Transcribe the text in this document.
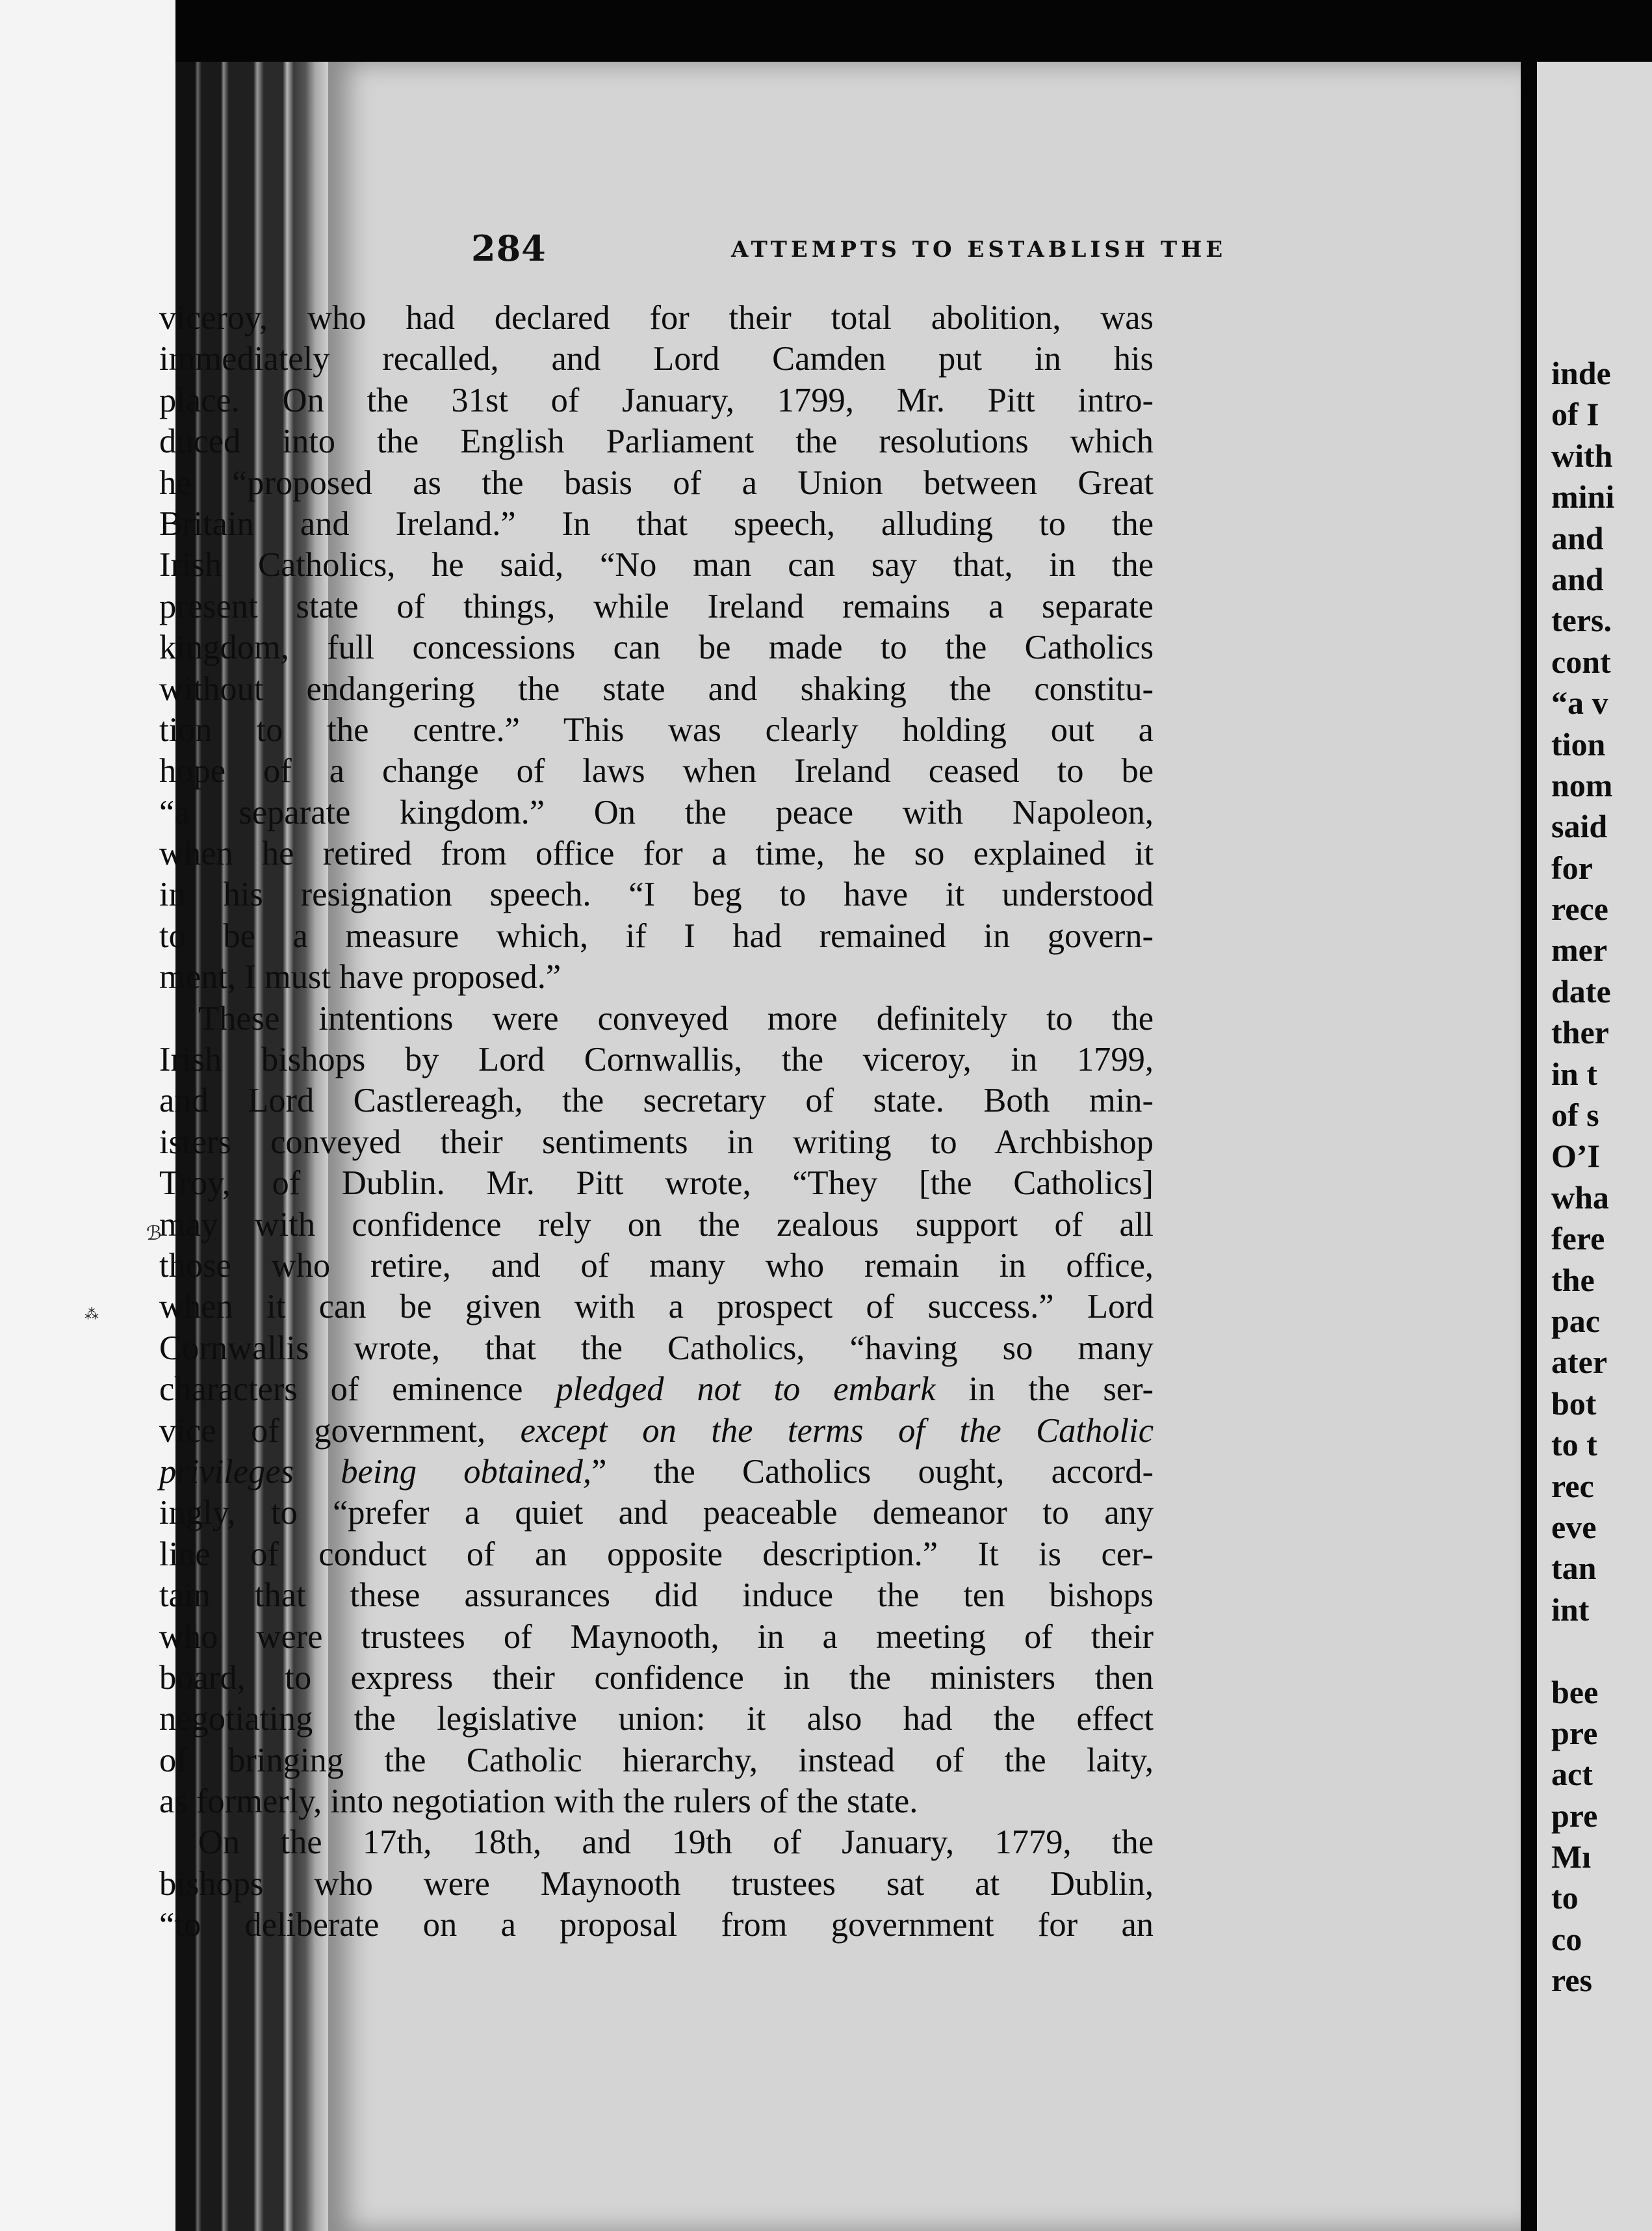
ℬ
⁂
284	ATTEMPTS TO ESTABLISH THE
viceroy, who had declared for their total abolition, was
immediately recalled, and Lord Camden put in his
place. On the 31st of January, 1799, Mr. Pitt intro-
duced into the English Parliament the resolutions which
he “proposed as the basis of a Union between Great
Britain and Ireland.” In that speech, alluding to the
Irish Catholics, he said, “No man can say that, in the
present state of things, while Ireland remains a separate
kingdom, full concessions can be made to the Catholics
without endangering the state and shaking the constitu-
tion to the centre.” This was clearly holding out a
hope of a change of laws when Ireland ceased to be
“a separate kingdom.” On the peace with Napoleon,
when he retired from office for a time, he so explained it
in his resignation speech. “I beg to have it understood
to be a measure which, if I had remained in govern-
ment, I must have proposed.”
These intentions were conveyed more definitely to the
Irish bishops by Lord Cornwallis, the viceroy, in 1799,
and Lord Castlereagh, the secretary of state. Both min-
isters conveyed their sentiments in writing to Archbishop
Troy, of Dublin. Mr. Pitt wrote, “They [the Catholics]
may with confidence rely on the zealous support of all
those who retire, and of many who remain in office,
when it can be given with a prospect of success.” Lord
Cornwallis wrote, that the Catholics, “having so many
characters of eminence pledged not to embark in the ser-
vice of government, except on the terms of the Catholic
privileges being obtained,” the Catholics ought, accord-
ingly, to “prefer a quiet and peaceable demeanor to any
line of conduct of an opposite description.” It is cer-
tain that these assurances did induce the ten bishops
who were trustees of Maynooth, in a meeting of their
board, to express their confidence in the ministers then
negotiating the legislative union: it also had the effect
of bringing the Catholic hierarchy, instead of the laity,
as formerly, into negotiation with the rulers of the state.
On the 17th, 18th, and 19th of January, 1779, the
bishops who were Maynooth trustees sat at Dublin,
“to deliberate on a proposal from government for an
inde
of I
with
mini
and
and
ters.
cont
“a v
tion
nom
said
for
rece
mer
date
ther
in t
of s
O’I
wha
fere
the
pac
ater
bot
to t
rec
eve
tan
int
bee
pre
act
pre
Mı
to
co
res
